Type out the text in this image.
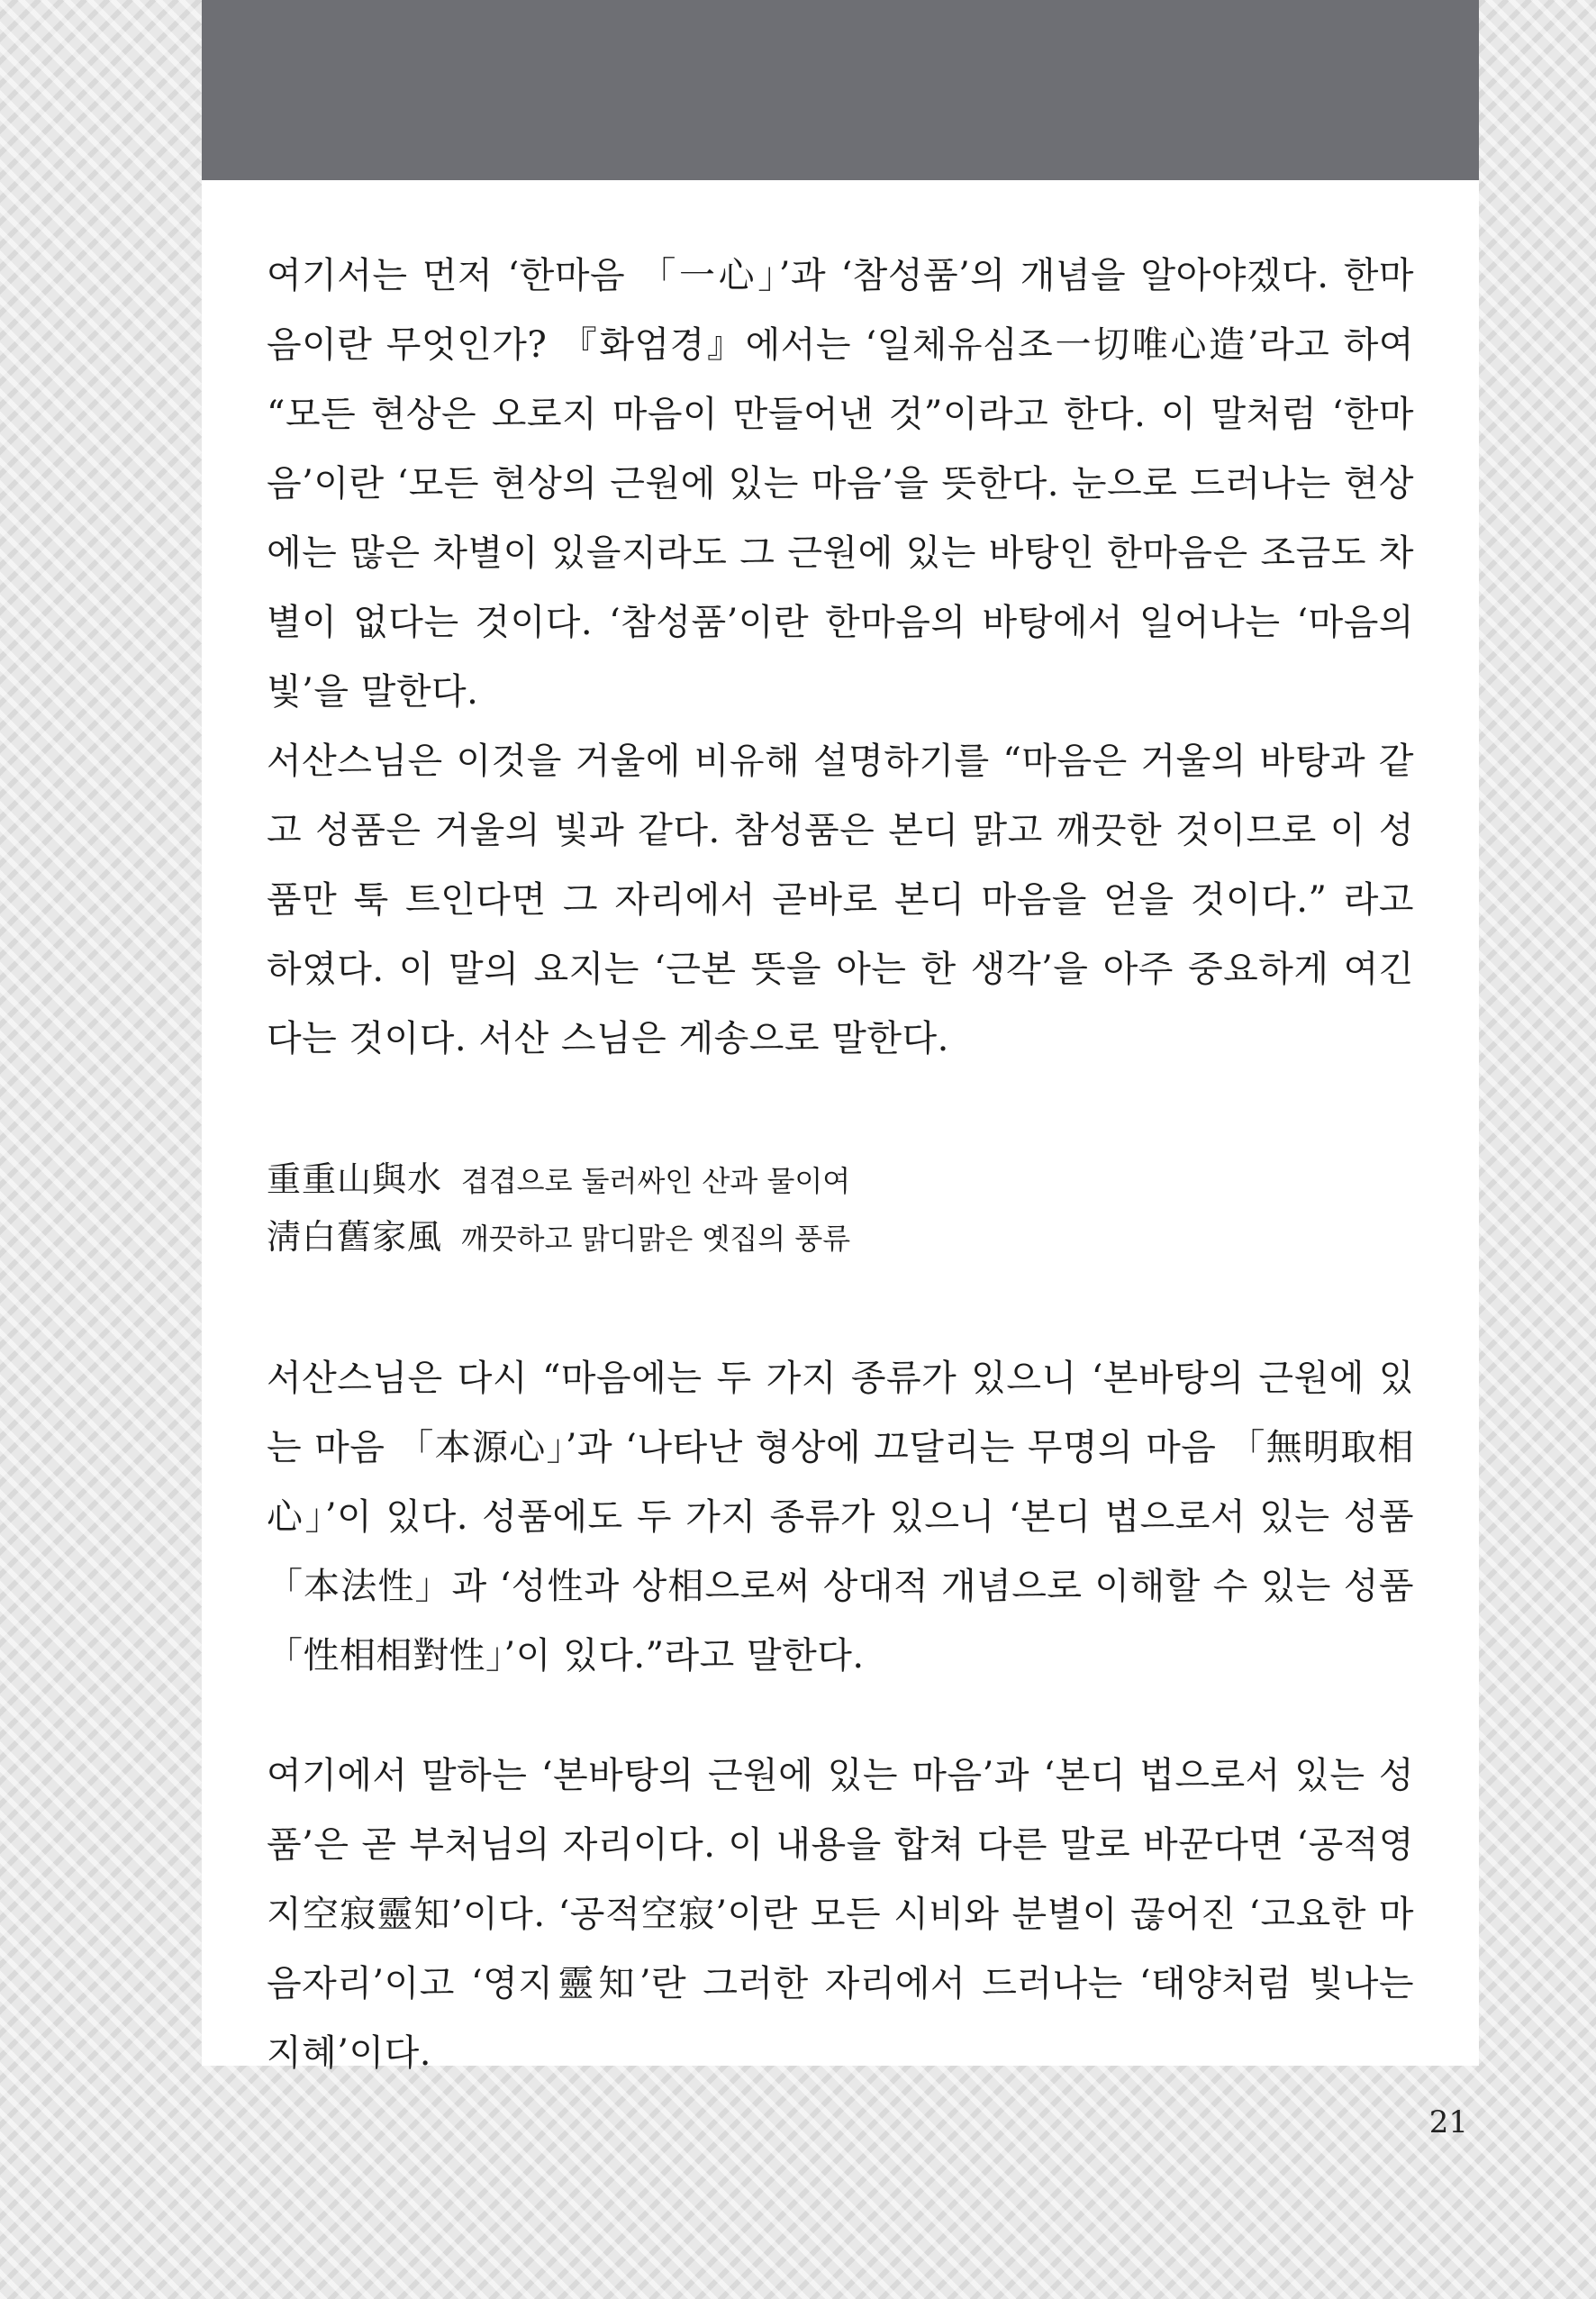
여기서는 먼저 ‘한마음 「一心」’과 ‘참성품’의 개념을 알아야겠다. 한마음이란 무엇인가? 『화엄경』에서는 ‘일체유심조一切唯心造’라고 하여 “모든 현상은 오로지 마음이 만들어낸 것”이라고 한다. 이 말처럼 ‘한마음’이란 ‘모든 현상의 근원에 있는 마음’을 뜻한다. 눈으로 드러나는 현상에는 많은 차별이 있을지라도 그 근원에 있는 바탕인 한마음은 조금도 차별이 없다는 것이다. ‘참성품’이란 한마음의 바탕에서 일어나는 ‘마음의 빛’을 말한다.

서산스님은 이것을 거울에 비유해 설명하기를 “마음은 거울의 바탕과 같고 성품은 거울의 빛과 같다. 참성품은 본디 맑고 깨끗한 것이므로 이 성품만 툭 트인다면 그 자리에서 곧바로 본디 마음을 얻을 것이다.” 라고 하였다. 이 말의 요지는 ‘근본 뜻을 아는 한 생각’을 아주 중요하게 여긴다는 것이다. 서산 스님은 게송으로 말한다.

重重山與水 겹겹으로 둘러싸인 산과 물이여

淸白舊家風 깨끗하고 맑디맑은 옛집의 풍류

서산스님은 다시 “마음에는 두 가지 종류가 있으니 ‘본바탕의 근원에 있는 마음 「本源心」’과 ‘나타난 형상에 끄달리는 무명의 마음 「無明取相心」’이 있다. 성품에도 두 가지 종류가 있으니 ‘본디 법으로서 있는 성품 「本法性」과 ‘성性과 상相으로써 상대적 개념으로 이해할 수 있는 성품 「性相相對性」’이 있다.”라고 말한다.

여기에서 말하는 ‘본바탕의 근원에 있는 마음’과 ‘본디 법으로서 있는 성품’은 곧 부처님의 자리이다. 이 내용을 합쳐 다른 말로 바꾼다면 ‘공적영지空寂靈知’이다. ‘공적空寂’이란 모든 시비와 분별이 끊어진 ‘고요한 마음자리’이고 ‘영지靈知’란 그러한 자리에서 드러나는 ‘태양처럼 빛나는 지혜’이다.

21
